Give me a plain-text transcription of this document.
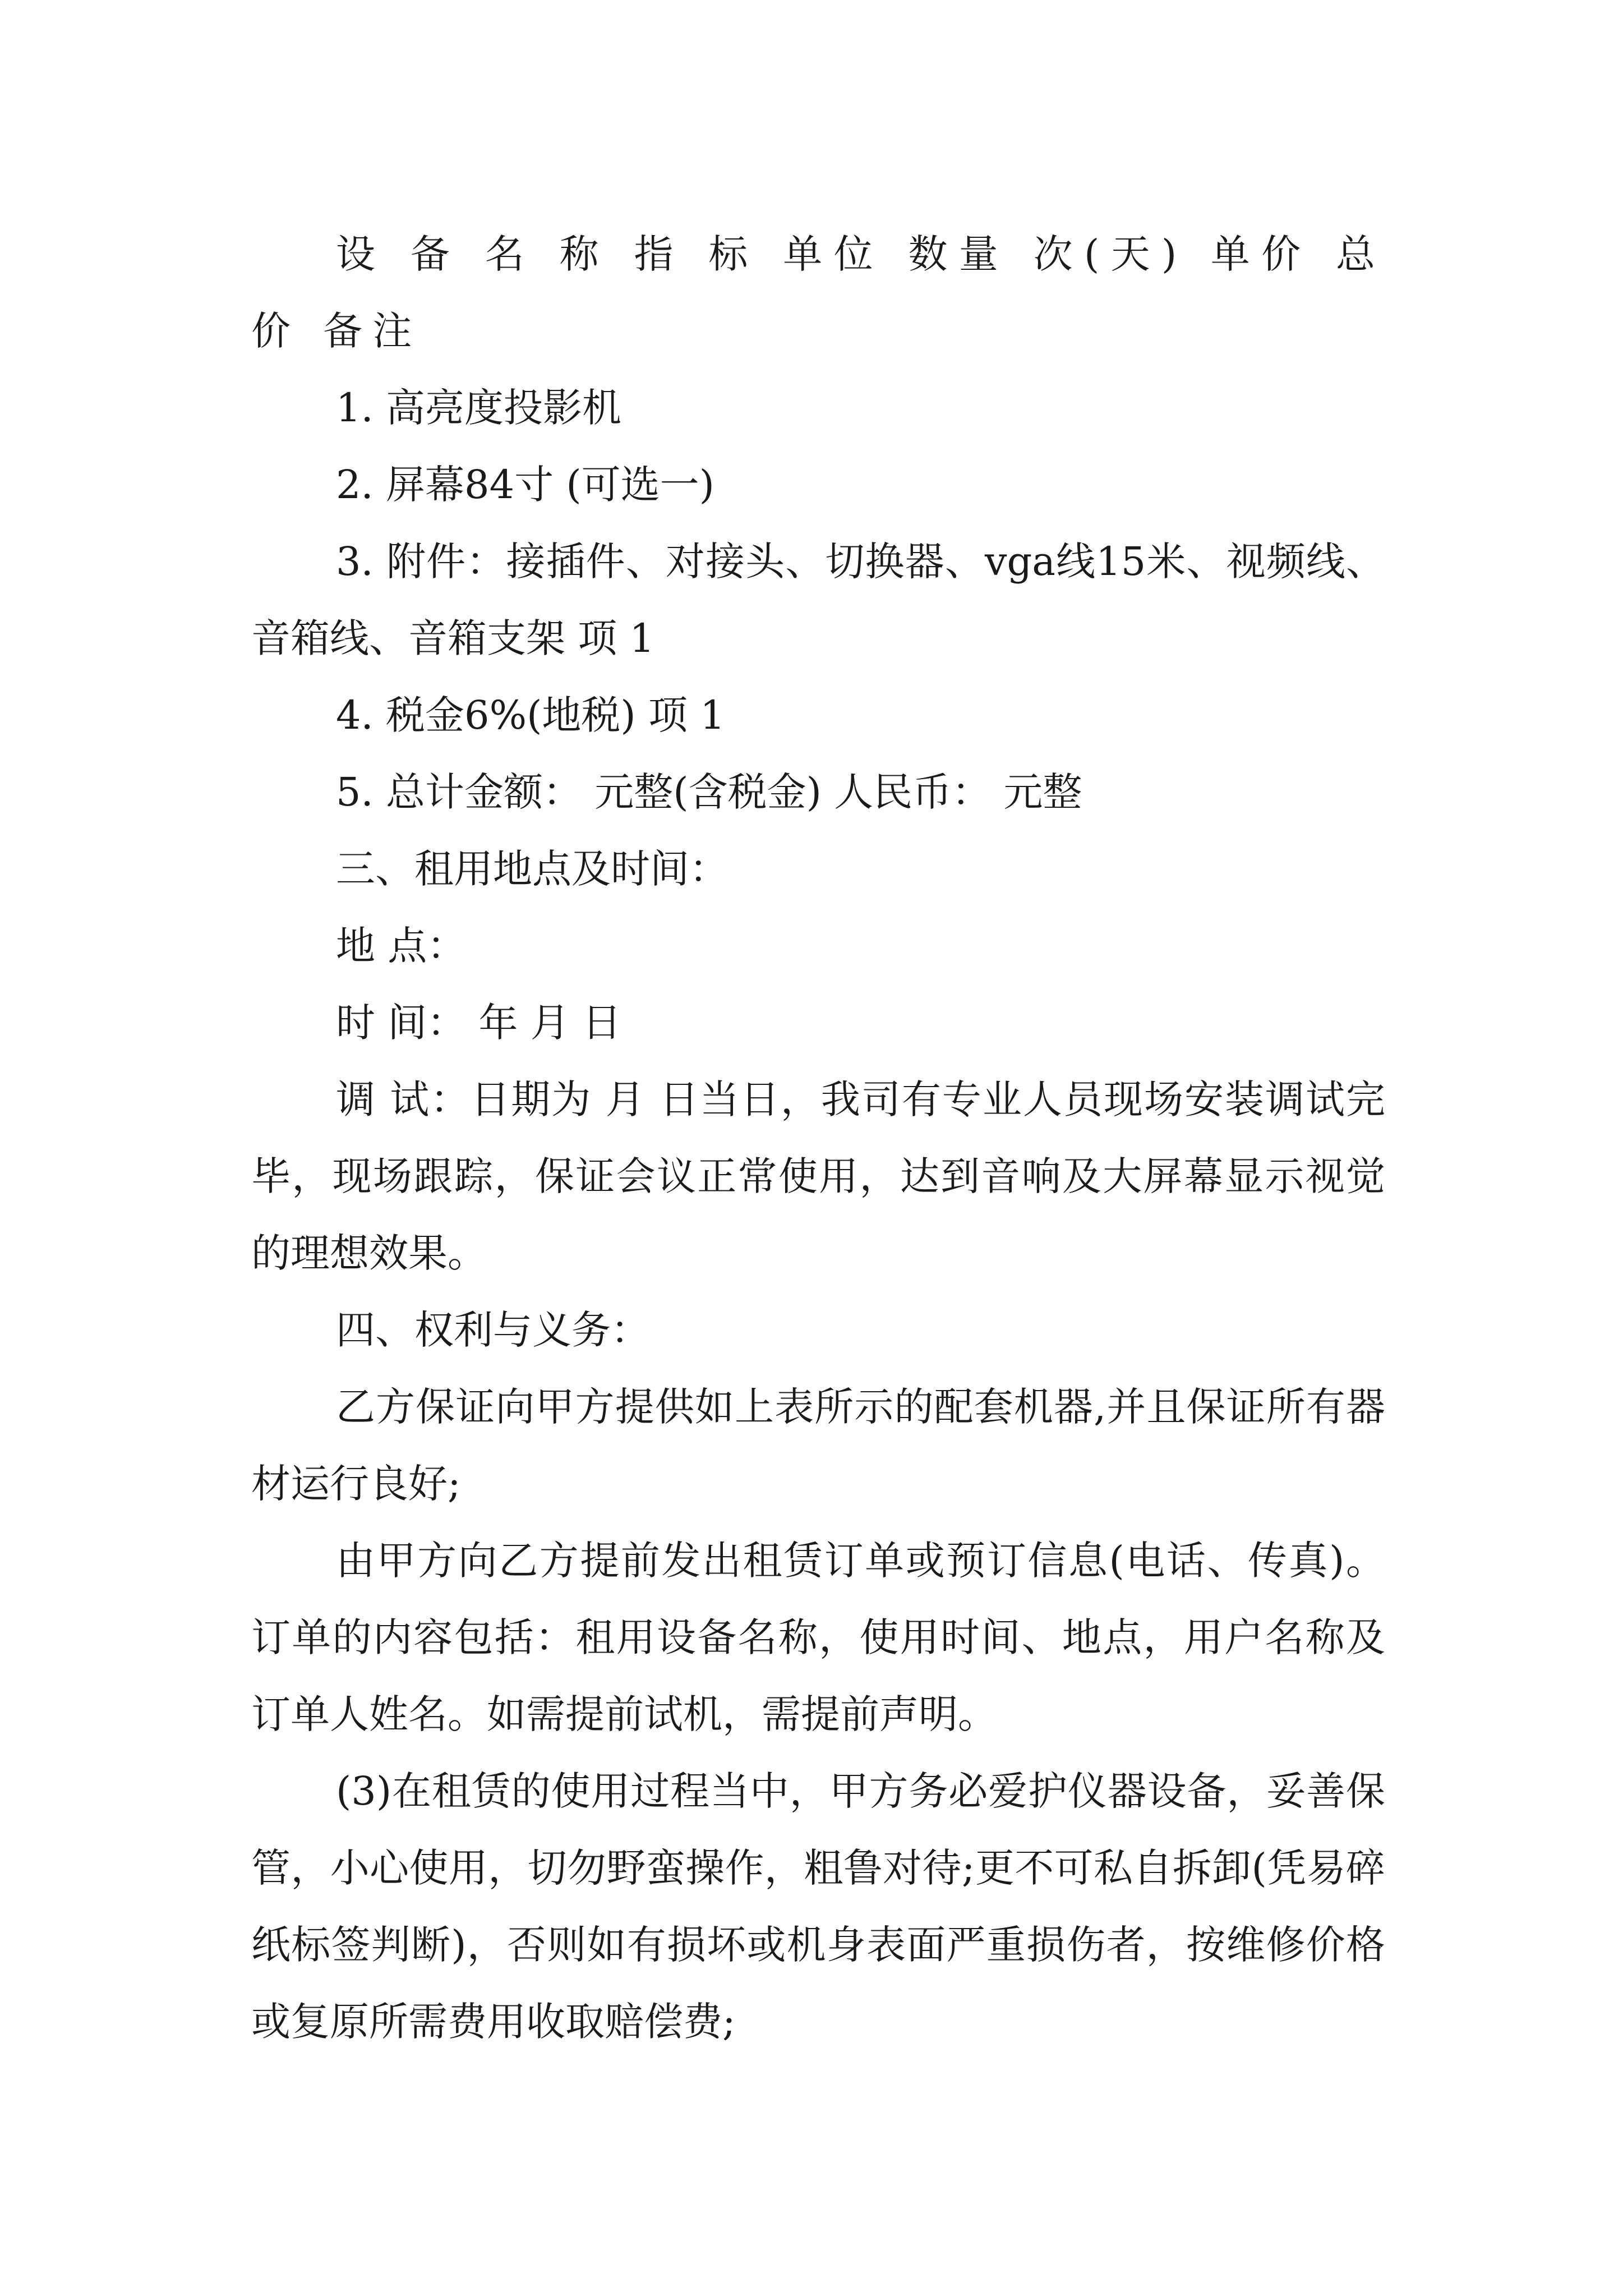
设 备 名 称 指 标 单位 数量 次(天) 单价 总价 备注

1. 高亮度投影机

2. 屏幕84寸 (可选一)

3. 附件：接插件、对接头、切换器、vga线15米、视频线、音箱线、音箱支架 项 1

4. 税金6%(地税) 项 1

5. 总计金额： 元整(含税金) 人民币： 元整

三、租用地点及时间：

地 点：

时 间： 年 月 日

调 试：日期为 月 日当日，我司有专业人员现场安装调试完毕，现场跟踪，保证会议正常使用，达到音响及大屏幕显示视觉的理想效果。

四、权利与义务：

乙方保证向甲方提供如上表所示的配套机器,并且保证所有器材运行良好;

由甲方向乙方提前发出租赁订单或预订信息(电话、传真)。订单的内容包括：租用设备名称，使用时间、地点，用户名称及订单人姓名。如需提前试机，需提前声明。

(3)在租赁的使用过程当中，甲方务必爱护仪器设备，妥善保管，小心使用，切勿野蛮操作，粗鲁对待;更不可私自拆卸(凭易碎纸标签判断)，否则如有损坏或机身表面严重损伤者，按维修价格或复原所需费用收取赔偿费;
